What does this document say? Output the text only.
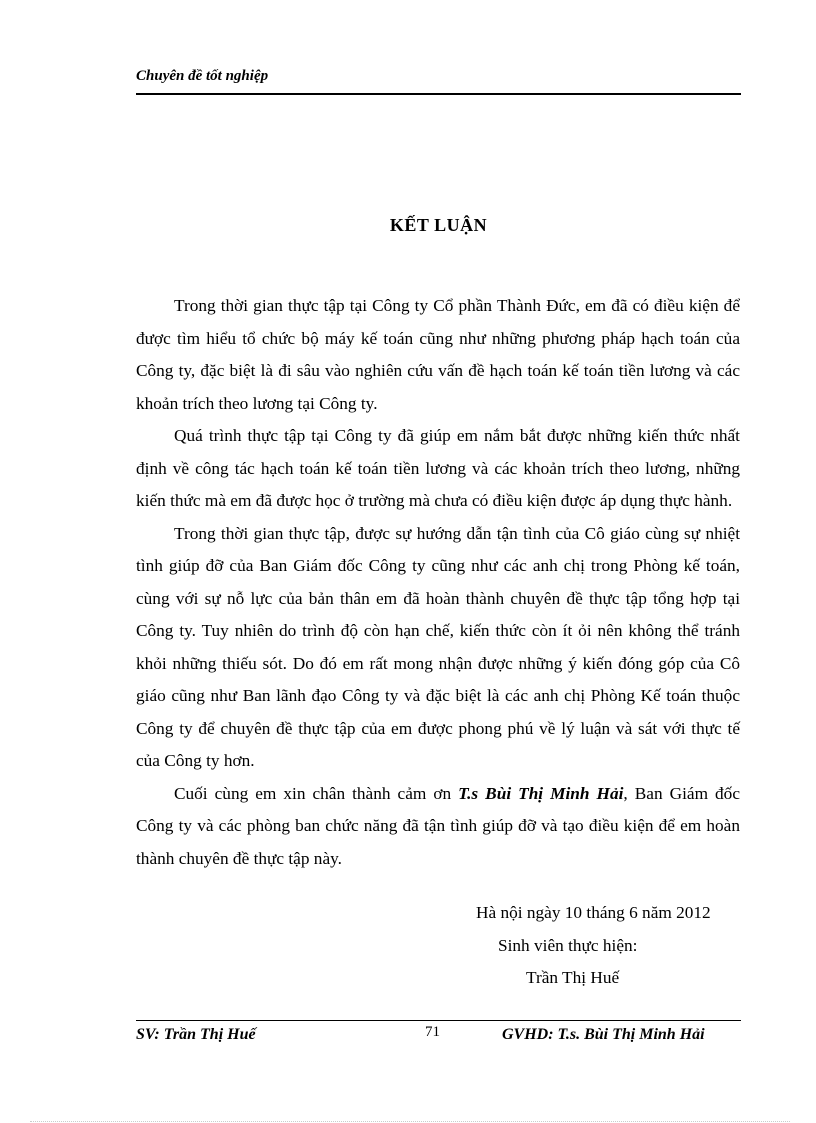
Chuyên đề tốt nghiệp
KẾT LUẬN

Trong thời gian thực tập tại Công ty Cổ phần Thành Đức, em đã có điều kiện để được tìm hiểu tổ chức bộ máy kế toán cũng như những phương pháp hạch toán của Công ty, đặc biệt là đi sâu vào nghiên cứu vấn đề hạch toán kế toán tiền lương và các khoản trích theo lương tại Công ty.

Quá trình thực tập tại Công ty đã giúp em nắm bắt được những kiến thức nhất định về công tác hạch toán kế toán tiền lương và các khoản trích theo lương, những kiến thức mà em đã được học ở trường mà chưa có điều kiện được áp dụng thực hành.

Trong thời gian thực tập, được sự hướng dẫn tận tình của Cô giáo cùng sự nhiệt tình giúp đỡ của Ban Giám đốc Công ty cũng như các anh chị trong Phòng kế toán, cùng với sự nỗ lực của bản thân em đã hoàn thành chuyên đề thực tập tổng hợp tại Công ty. Tuy nhiên do trình độ còn hạn chế, kiến thức còn ít ỏi nên không thể tránh khỏi những thiếu sót. Do đó em rất mong nhận được những ý kiến đóng góp của Cô giáo cũng như Ban lãnh đạo Công ty và đặc biệt là các anh chị Phòng Kế toán thuộc Công ty để chuyên đề thực tập của em được phong phú về lý luận và sát với thực tế của Công ty hơn.

Cuối cùng em xin chân thành cảm ơn T.s Bùi Thị Minh Hải, Ban Giám đốc Công ty và các phòng ban chức năng đã tận tình giúp đỡ và tạo điều kiện để em hoàn thành chuyên đề thực tập này.

Hà nội ngày 10 tháng 6 năm 2012
Sinh viên thực hiện:
Trần Thị Huế
SV: Trần Thị Huế	71	GVHD: T.s. Bùi Thị Minh Hải
